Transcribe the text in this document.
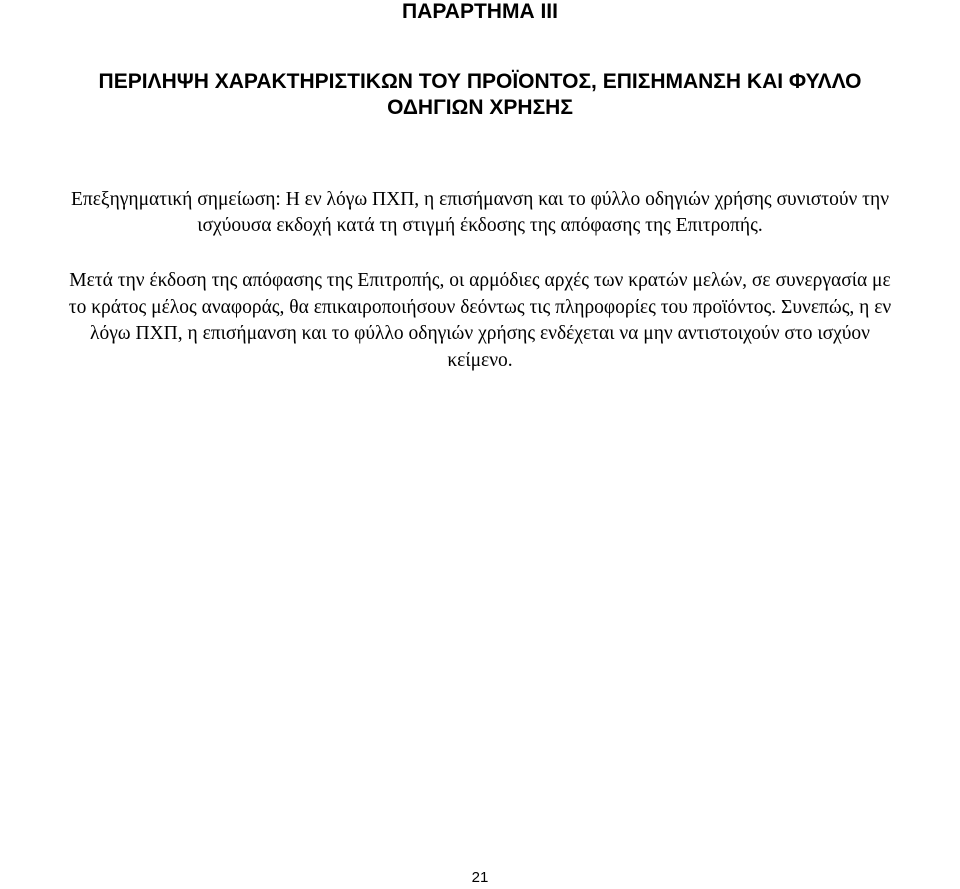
ΠΑΡΑΡΤΗΜΑ ΙΙΙ
ΠΕΡΙΛΗΨΗ ΧΑΡΑΚΤΗΡΙΣΤΙΚΩΝ ΤΟΥ ΠΡΟΪΟΝΤΟΣ, ΕΠΙΣΗΜΑΝΣΗ ΚΑΙ ΦΥΛΛΟ
ΟΔΗΓΙΩΝ ΧΡΗΣΗΣ

Επεξηγηματική σημείωση: Η εν λόγω ΠΧΠ, η επισήμανση και το φύλλο οδηγιών χρήσης συνιστούν την
ισχύουσα εκδοχή κατά τη στιγμή έκδοσης της απόφασης της Επιτροπής.

Μετά την έκδοση της απόφασης της Επιτροπής, οι αρμόδιες αρχές των κρατών μελών, σε συνεργασία με
το κράτος μέλος αναφοράς, θα επικαιροποιήσουν δεόντως τις πληροφορίες του προϊόντος. Συνεπώς, η εν
λόγω ΠΧΠ, η επισήμανση και το φύλλο οδηγιών χρήσης ενδέχεται να μην αντιστοιχούν στο ισχύον
κείμενο.

21
